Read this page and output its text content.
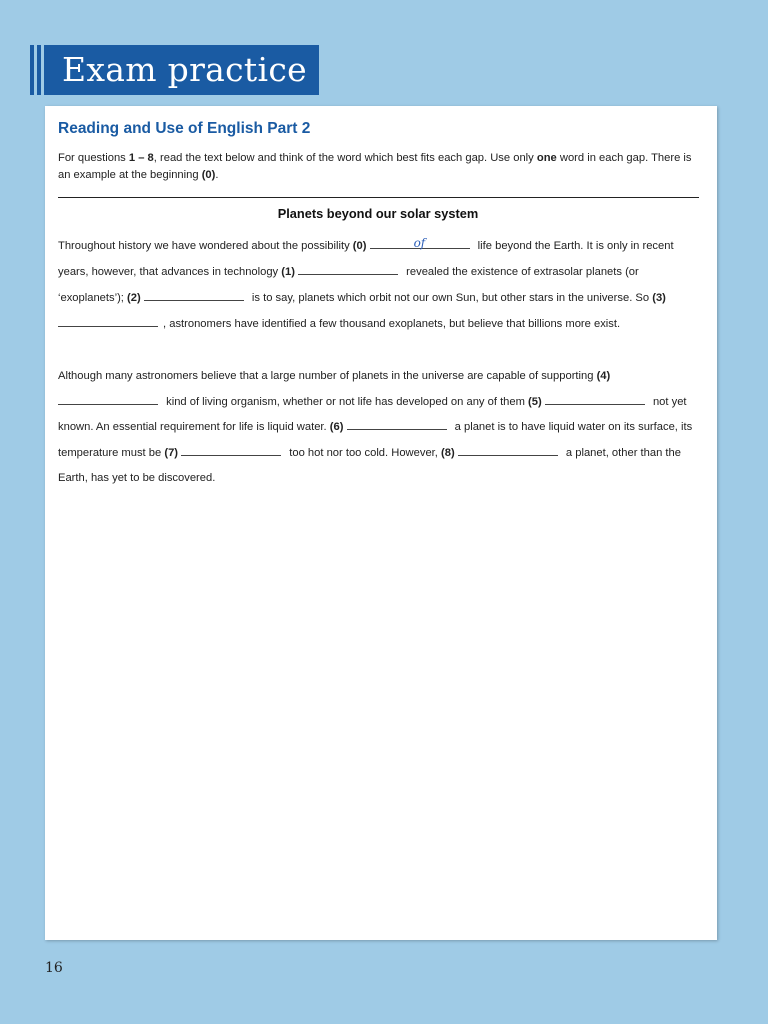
Exam practice
Reading and Use of English Part 2

For questions 1 – 8, read the text below and think of the word which best fits each gap. Use only one word in each gap. There is an example at the beginning (0).

Planets beyond our solar system

Throughout history we have wondered about the possibility (0)	of	life beyond the Earth. It is only in recent years, however, that advances in technology (1)	revealed the existence of extrasolar planets (or ‘exoplanets’); (2)	is to say, planets which orbit not our own Sun, but other stars in the universe. So (3) , astronomers have identified a few thousand exoplanets, but believe that billions more exist.

Although many astronomers believe that a large number of planets in the universe are capable of supporting (4) kind of living organism, whether or not life has developed on any of them (5)	not yet known. An essential requirement for life is liquid water. (6)	a planet is to have liquid water on its surface, its temperature must be (7)	too hot nor too cold. However, (8)	a planet, other than the Earth, has yet to be discovered.

16
